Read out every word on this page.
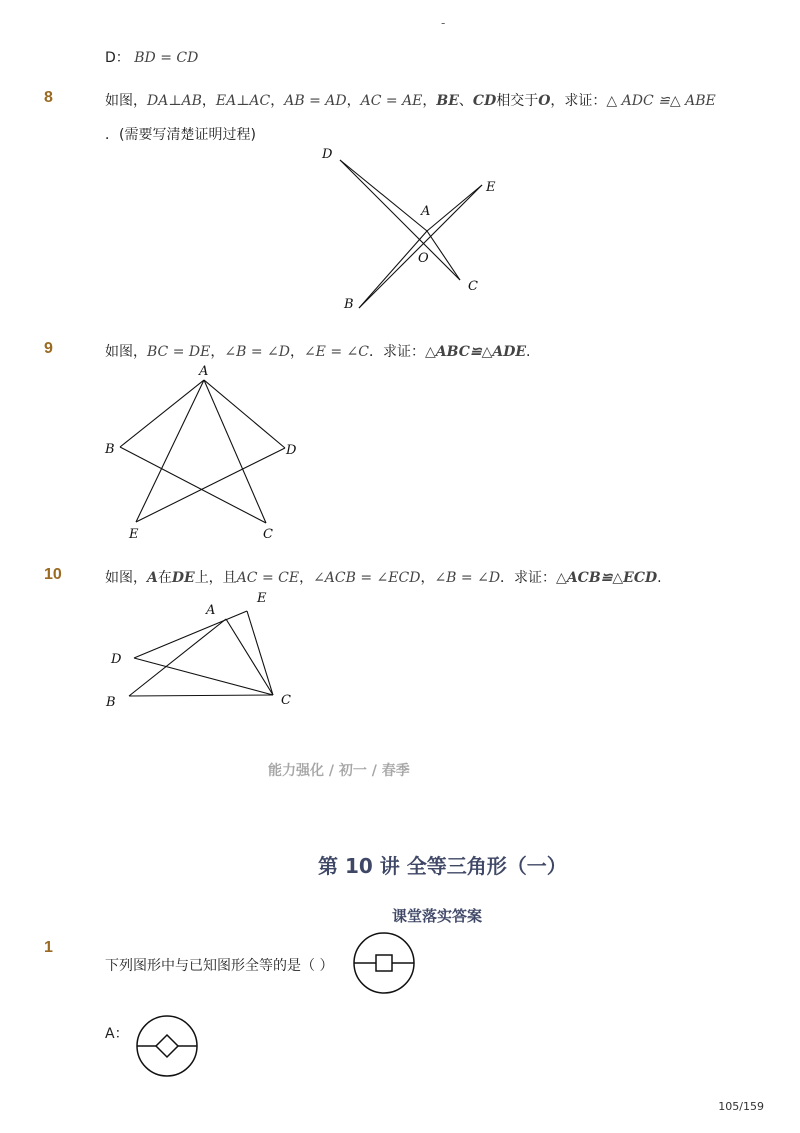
-
D： BD = CD
8	如图，DA⊥AB，EA⊥AC，AB = AD，AC = AE，BE、CD相交于O，求证：△ ADC ≌△ ABE
．(需要写清楚证明过程)
D
E
A
O
B
C
9	如图，BC = DE，∠B = ∠D，∠E = ∠C．求证：△ABC≌△ADE.
A
B	D
E	C
10	如图，A在DE上，且AC = CE，∠ACB = ∠ECD，∠B = ∠D．求证：△ACB≌△ECD.
A
E
D
B	C
能力强化 / 初一 / 春季
第 10 讲 全等三角形（一）
课堂落实答案
1
下列图形中与已知图形全等的是（ ）
A：
105/159
